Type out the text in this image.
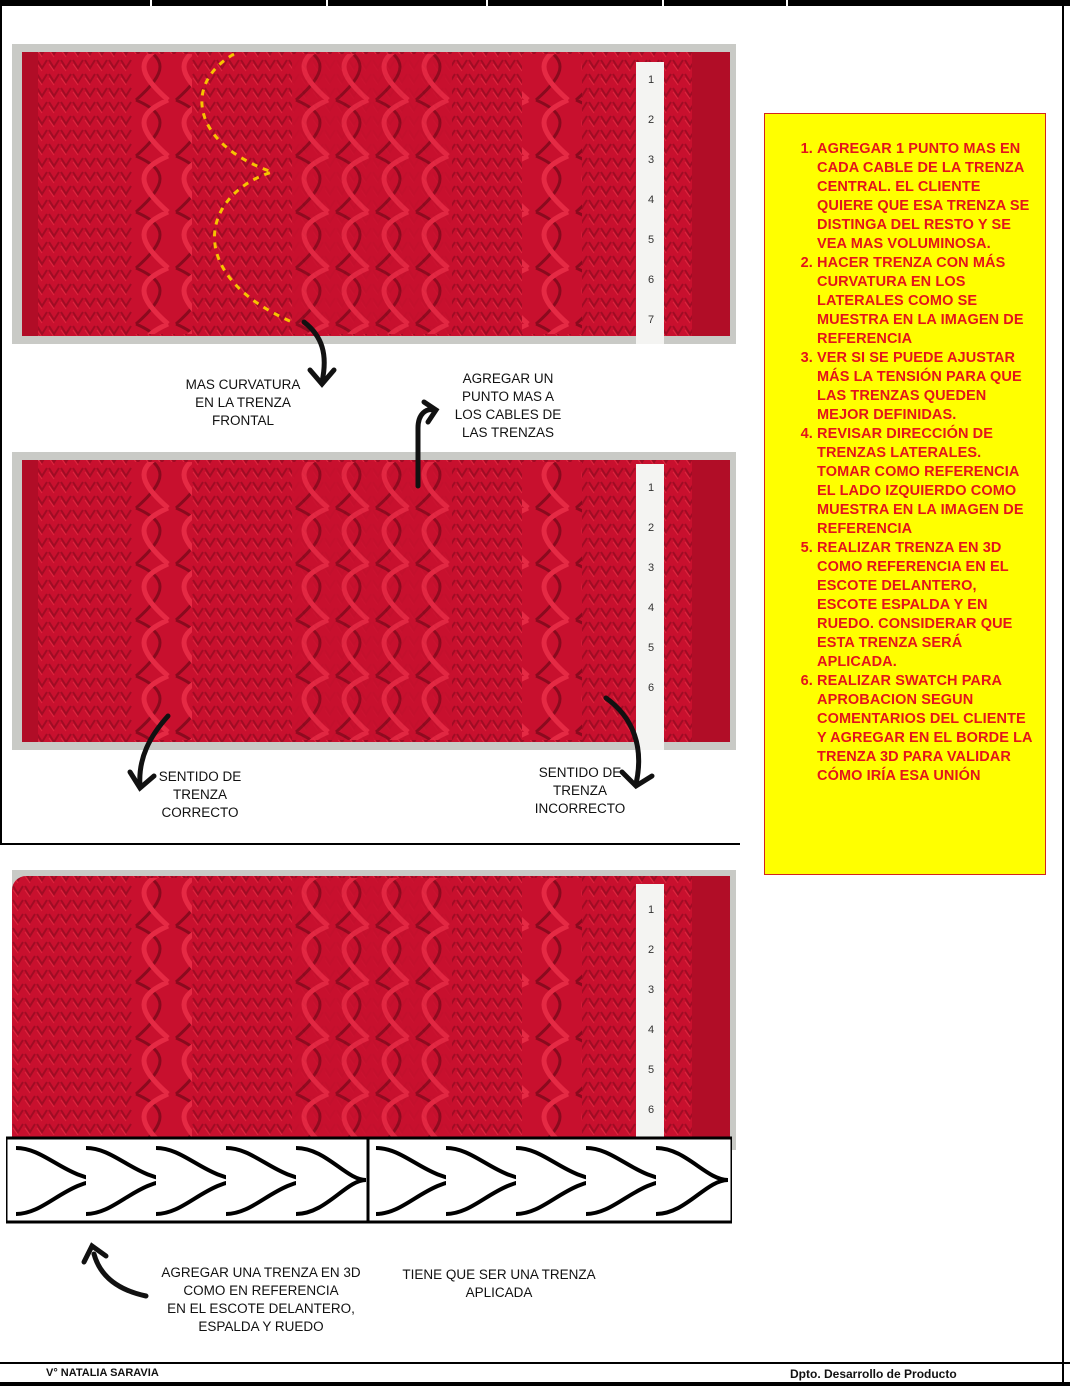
1
2
3
4
5
6
7
1
2
3
4
5
6
1
2
3
4
5
6
MAS CURVATURA
EN LA TRENZA
FRONTAL
AGREGAR UN
PUNTO MAS A
LOS CABLES DE
LAS TRENZAS
SENTIDO DE
TRENZA
CORRECTO
SENTIDO DE
TRENZA
INCORRECTO
AGREGAR UNA TRENZA EN 3D
COMO EN REFERENCIA
EN EL ESCOTE DELANTERO,
ESPALDA Y RUEDO
TIENE QUE SER UNA TRENZA
APLICADA
1. AGREGAR 1 PUNTO MAS EN CADA CABLE DE LA TRENZA CENTRAL. EL CLIENTE QUIERE QUE ESA TRENZA SE DISTINGA DEL RESTO Y SE VEA MAS VOLUMINOSA.
2. HACER TRENZA CON MÁS CURVATURA EN LOS LATERALES COMO SE MUESTRA EN LA IMAGEN DE REFERENCIA
3. VER SI SE PUEDE AJUSTAR MÁS LA TENSIÓN PARA QUE LAS TRENZAS QUEDEN MEJOR DEFINIDAS.
4. REVISAR DIRECCIÓN DE TRENZAS LATERALES. TOMAR COMO REFERENCIA EL LADO IZQUIERDO COMO MUESTRA EN LA IMAGEN DE REFERENCIA
5. REALIZAR TRENZA EN 3D COMO REFERENCIA EN EL ESCOTE DELANTERO, ESCOTE ESPALDA Y EN RUEDO. CONSIDERAR QUE ESTA TRENZA SERÁ APLICADA.
6. REALIZAR SWATCH PARA APROBACION SEGUN COMENTARIOS DEL CLIENTE Y AGREGAR EN EL BORDE LA TRENZA 3D PARA VALIDAR CÓMO IRÍA ESA UNIÓN
V° NATALIA SARAVIA	Dpto. Desarrollo de Producto
